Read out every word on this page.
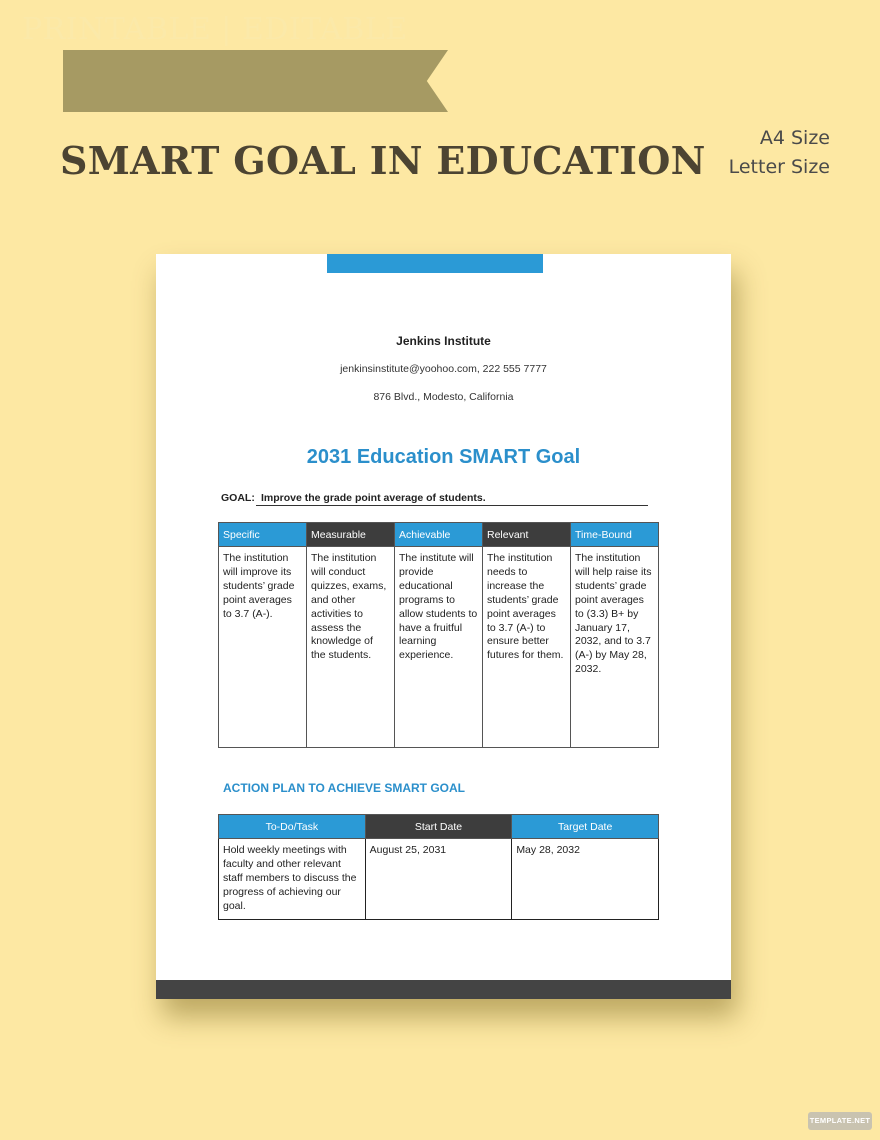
PRINTABLE | EDITABLE
SMART GOAL IN EDUCATION	A4 Size
Letter Size
Jenkins Institute
jenkinsinstitute@yoohoo.com, 222 555 7777
876 Blvd., Modesto, California
2031 Education SMART Goal
GOAL: Improve the grade point average of students.
Specific	Measurable	Achievable	Relevant	Time-Bound
The institution will improve its students’ grade point averages to 3.7 (A-).	The institution will conduct quizzes, exams, and other activities to assess the knowledge of the students.	The institute will provide educational programs to allow students to have a fruitful learning experience.	The institution needs to increase the students’ grade point averages to 3.7 (A-) to ensure better futures for them.	The institution will help raise its students’ grade point averages to (3.3) B+ by January 17, 2032, and to 3.7 (A-) by May 28, 2032.
ACTION PLAN TO ACHIEVE SMART GOAL
To-Do/Task	Start Date	Target Date
Hold weekly meetings with faculty and other relevant staff members to discuss the progress of achieving our goal.	August 25, 2031	May 28, 2032
TEMPLATE.NET
